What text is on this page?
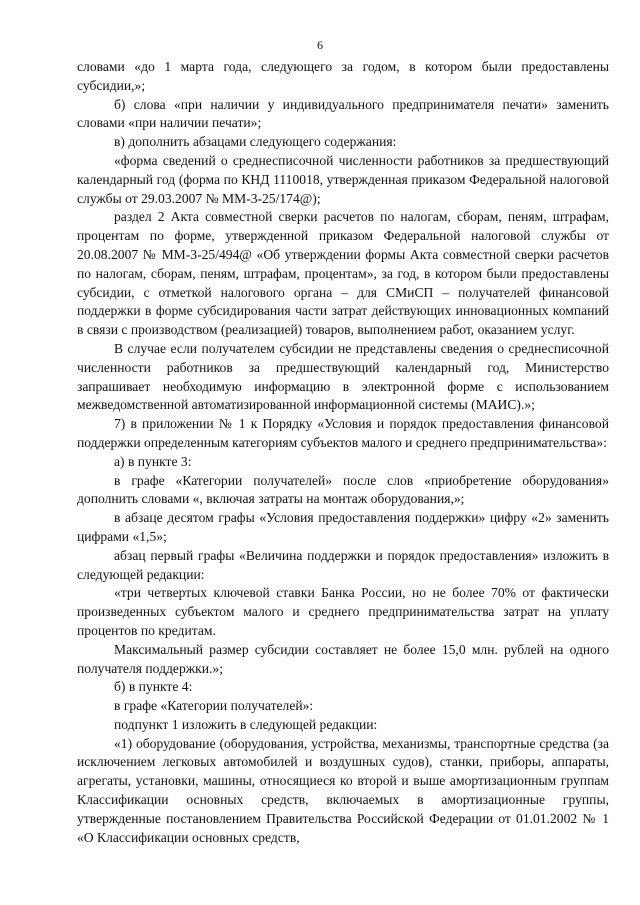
6

словами «до 1 марта года, следующего за годом, в котором были предоставлены субсидии,»;

б) слова «при наличии у индивидуального предпринимателя печати» заменить словами «при наличии печати»;

в) дополнить абзацами следующего содержания:

«форма сведений о среднесписочной численности работников за предшествующий календарный год (форма по КНД 1110018, утвержденная приказом Федеральной налоговой службы от 29.03.2007 № ММ-3-25/174@);

раздел 2 Акта совместной сверки расчетов по налогам, сборам, пеням, штрафам, процентам по форме, утвержденной приказом Федеральной налоговой службы от 20.08.2007 № ММ-3-25/494@ «Об утверждении формы Акта совместной сверки расчетов по налогам, сборам, пеням, штрафам, процентам», за год, в котором были предоставлены субсидии, с отметкой налогового органа – для СМиСП – получателей финансовой поддержки в форме субсидирования части затрат действующих инновационных компаний в связи с производством (реализацией) товаров, выполнением работ, оказанием услуг.

В случае если получателем субсидии не представлены сведения о среднесписочной численности работников за предшествующий календарный год, Министерство запрашивает необходимую информацию в электронной форме с использованием межведомственной автоматизированной информационной системы (МАИС).»;

7) в приложении № 1 к Порядку «Условия и порядок предоставления финансовой поддержки определенным категориям субъектов малого и среднего предпринимательства»:

а) в пункте 3:

в графе «Категории получателей» после слов «приобретение оборудования» дополнить словами «, включая затраты на монтаж оборудования,»;

в абзаце десятом графы «Условия предоставления поддержки» цифру «2» заменить цифрами «1,5»;

абзац первый графы «Величина поддержки и порядок предоставления» изложить в следующей редакции:

«три четвертых ключевой ставки Банка России, но не более 70% от фактически произведенных субъектом малого и среднего предпринимательства затрат на уплату процентов по кредитам.

Максимальный размер субсидии составляет не более 15,0 млн. рублей на одного получателя поддержки.»;

б) в пункте 4:

в графе «Категории получателей»:

подпункт 1 изложить в следующей редакции:

«1) оборудование (оборудования, устройства, механизмы, транспортные средства (за исключением легковых автомобилей и воздушных судов), станки, приборы, аппараты, агрегаты, установки, машины, относящиеся ко второй и выше амортизационным группам Классификации основных средств, включаемых в амортизационные группы, утвержденные постановлением Правительства Российской Федерации от 01.01.2002 № 1 «О Классификации основных средств,
